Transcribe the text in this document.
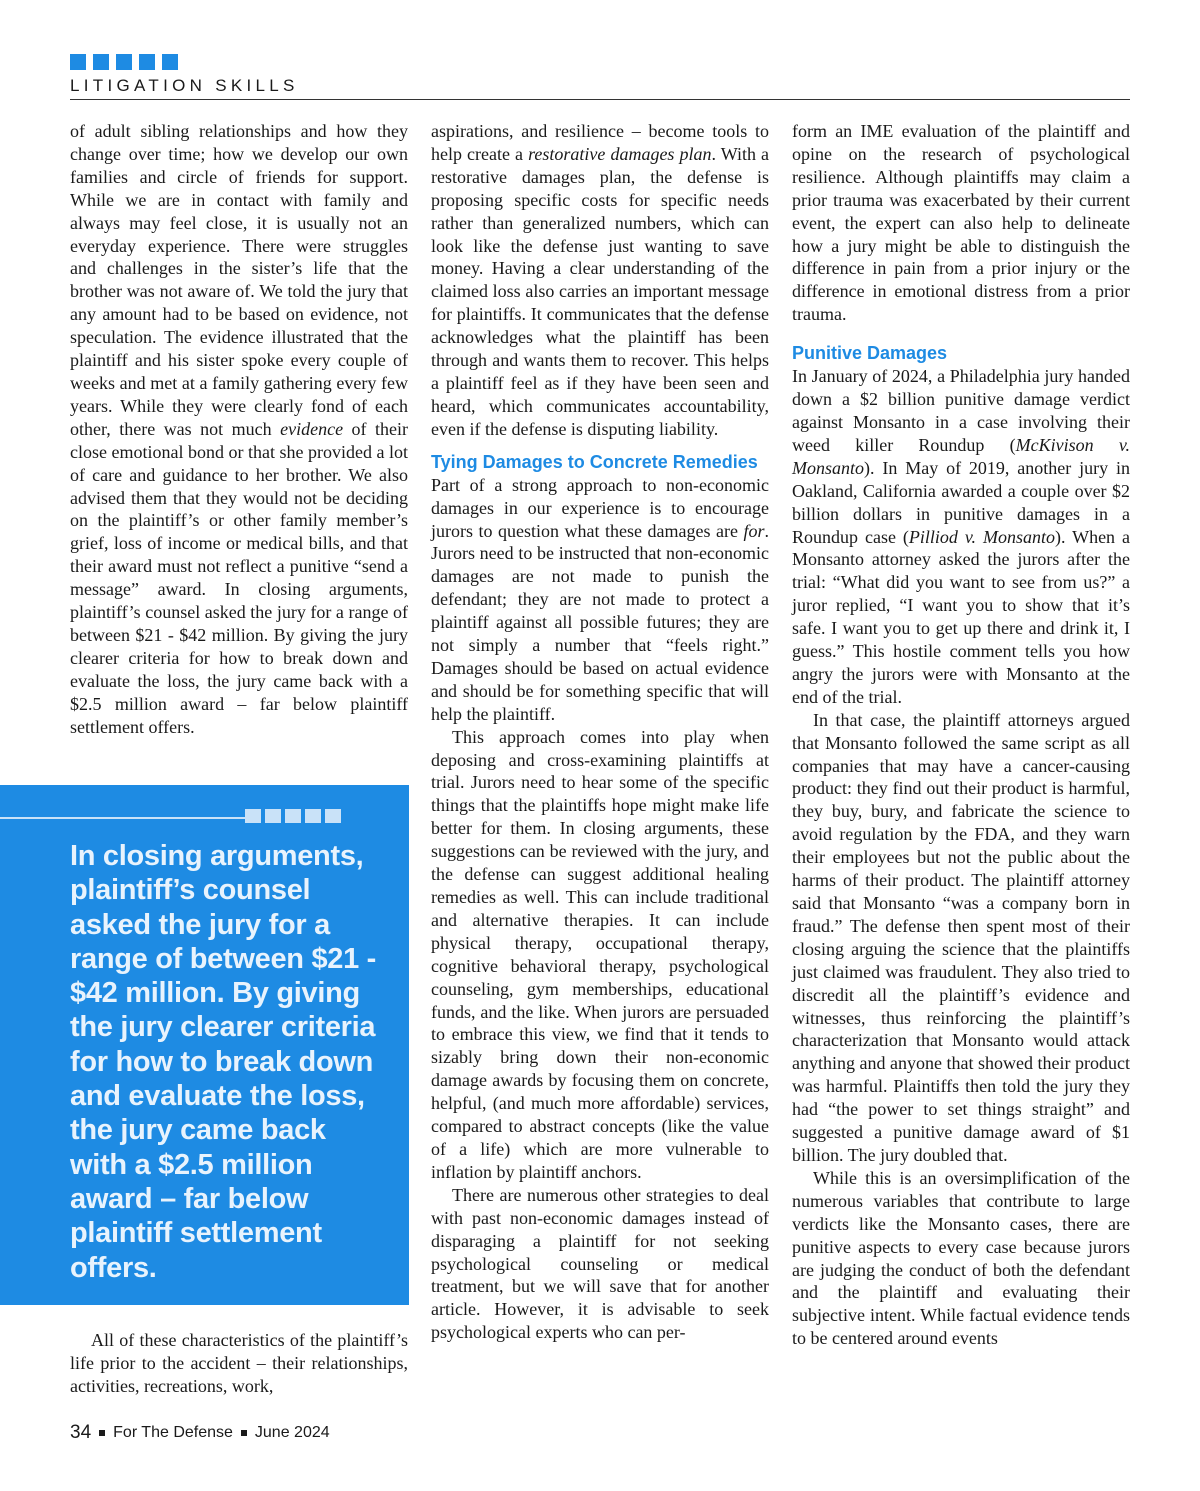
LITIGATION SKILLS

of adult sibling relationships and how they change over time; how we develop our own families and circle of friends for support. While we are in contact with family and always may feel close, it is usually not an everyday experience. There were struggles and challenges in the sister’s life that the brother was not aware of. We told the jury that any amount had to be based on evidence, not speculation. The evidence illustrated that the plaintiff and his sister spoke every couple of weeks and met at a family gathering every few years. While they were clearly fond of each other, there was not much evidence of their close emotional bond or that she provided a lot of care and guidance to her brother. We also advised them that they would not be deciding on the plaintiff’s or other family member’s grief, loss of income or medical bills, and that their award must not reflect a punitive “send a message” award. In closing arguments, plaintiff’s counsel asked the jury for a range of between $21 - $42 million. By giving the jury clearer criteria for how to break down and evaluate the loss, the jury came back with a $2.5 million award – far below plaintiff settlement offers.

In closing arguments, plaintiff’s counsel asked the jury for a range of between $21 - $42 million. By giving the jury clearer criteria for how to break down and evaluate the loss, the jury came back with a $2.5 million award – far below plaintiff settlement offers.

All of these characteristics of the plaintiff’s life prior to the accident – their relationships, activities, recreations, work,

aspirations, and resilience – become tools to help create a restorative damages plan. With a restorative damages plan, the defense is proposing specific costs for specific needs rather than generalized numbers, which can look like the defense just wanting to save money. Having a clear understanding of the claimed loss also carries an important message for plaintiffs. It communicates that the defense acknowledges what the plaintiff has been through and wants them to recover. This helps a plaintiff feel as if they have been seen and heard, which communicates accountability, even if the defense is disputing liability.

Tying Damages to Concrete Remedies

Part of a strong approach to non-economic damages in our experience is to encourage jurors to question what these damages are for. Jurors need to be instructed that non-economic damages are not made to punish the defendant; they are not made to protect a plaintiff against all possible futures; they are not simply a number that “feels right.” Damages should be based on actual evidence and should be for something specific that will help the plaintiff.

This approach comes into play when deposing and cross-examining plaintiffs at trial. Jurors need to hear some of the specific things that the plaintiffs hope might make life better for them. In closing arguments, these suggestions can be reviewed with the jury, and the defense can suggest additional healing remedies as well. This can include traditional and alternative therapies. It can include physical therapy, occupational therapy, cognitive behavioral therapy, psychological counseling, gym memberships, educational funds, and the like. When jurors are persuaded to embrace this view, we find that it tends to sizably bring down their non-economic damage awards by focusing them on concrete, helpful, (and much more affordable) services, compared to abstract concepts (like the value of a life) which are more vulnerable to inflation by plaintiff anchors.

There are numerous other strategies to deal with past non-economic damages instead of disparaging a plaintiff for not seeking psychological counseling or medical treatment, but we will save that for another article. However, it is advisable to seek psychological experts who can per-

form an IME evaluation of the plaintiff and opine on the research of psychological resilience. Although plaintiffs may claim a prior trauma was exacerbated by their current event, the expert can also help to delineate how a jury might be able to distinguish the difference in pain from a prior injury or the difference in emotional distress from a prior trauma.

Punitive Damages

In January of 2024, a Philadelphia jury handed down a $2 billion punitive damage verdict against Monsanto in a case involving their weed killer Roundup (McKivison v. Monsanto). In May of 2019, another jury in Oakland, California awarded a couple over $2 billion dollars in punitive damages in a Roundup case (Pilliod v. Monsanto). When a Monsanto attorney asked the jurors after the trial: “What did you want to see from us?” a juror replied, “I want you to show that it’s safe. I want you to get up there and drink it, I guess.” This hostile comment tells you how angry the jurors were with Monsanto at the end of the trial.

In that case, the plaintiff attorneys argued that Monsanto followed the same script as all companies that may have a cancer-causing product: they find out their product is harmful, they buy, bury, and fabricate the science to avoid regulation by the FDA, and they warn their employees but not the public about the harms of their product. The plaintiff attorney said that Monsanto “was a company born in fraud.” The defense then spent most of their closing arguing the science that the plaintiffs just claimed was fraudulent. They also tried to discredit all the plaintiff’s evidence and witnesses, thus reinforcing the plaintiff’s characterization that Monsanto would attack anything and anyone that showed their product was harmful. Plaintiffs then told the jury they had “the power to set things straight” and suggested a punitive damage award of $1 billion. The jury doubled that.

While this is an oversimplification of the numerous variables that contribute to large verdicts like the Monsanto cases, there are punitive aspects to every case because jurors are judging the conduct of both the defendant and the plaintiff and evaluating their subjective intent. While factual evidence tends to be centered around events

34 For The Defense June 2024
